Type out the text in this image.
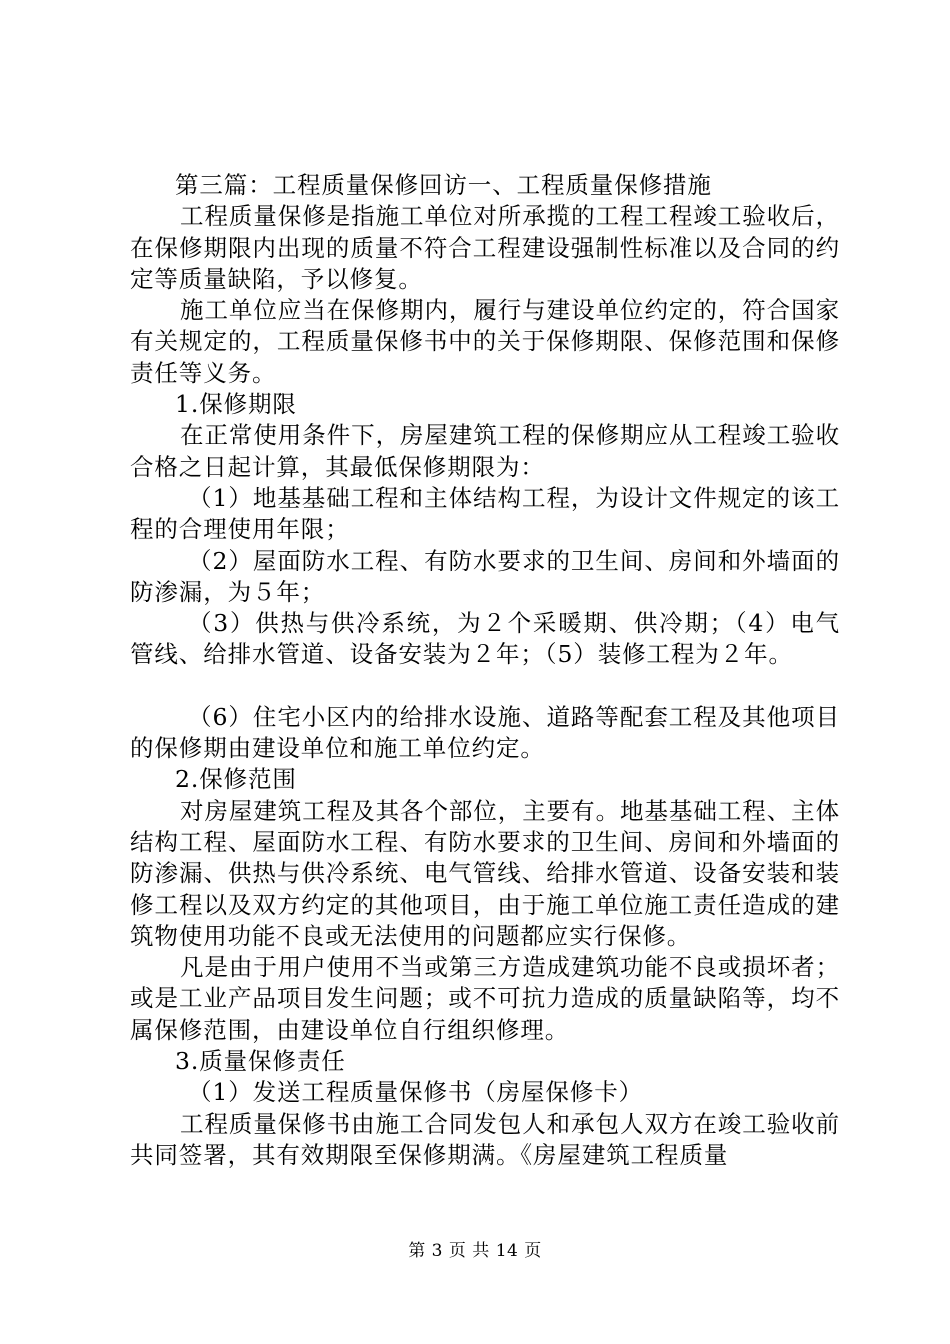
第三篇：工程质量保修回访一、工程质量保修措施

工程质量保修是指施工单位对所承揽的工程工程竣工验收后，在保修期限内出现的质量不符合工程建设强制性标准以及合同的约定等质量缺陷，予以修复。

施工单位应当在保修期内，履行与建设单位约定的，符合国家有关规定的，工程质量保修书中的关于保修期限、保修范围和保修责任等义务。

1.保修期限

在正常使用条件下，房屋建筑工程的保修期应从工程竣工验收合格之日起计算，其最低保修期限为：

（1）地基基础工程和主体结构工程，为设计文件规定的该工程的合理使用年限；

（2）屋面防水工程、有防水要求的卫生间、房间和外墙面的防渗漏，为５年；

（3）供热与供冷系统，为２个采暖期、供冷期；（4）电气管线、给排水管道、设备安装为２年；（5）装修工程为２年。

（6）住宅小区内的给排水设施、道路等配套工程及其他项目的保修期由建设单位和施工单位约定。

2.保修范围

对房屋建筑工程及其各个部位，主要有。地基基础工程、主体结构工程、屋面防水工程、有防水要求的卫生间、房间和外墙面的防渗漏、供热与供冷系统、电气管线、给排水管道、设备安装和装修工程以及双方约定的其他项目，由于施工单位施工责任造成的建筑物使用功能不良或无法使用的问题都应实行保修。

凡是由于用户使用不当或第三方造成建筑功能不良或损坏者；或是工业产品项目发生问题；或不可抗力造成的质量缺陷等，均不属保修范围，由建设单位自行组织修理。

3.质量保修责任

（1）发送工程质量保修书（房屋保修卡）

工程质量保修书由施工合同发包人和承包人双方在竣工验收前共同签署，其有效期限至保修期满。《房屋建筑工程质量

第 3 页 共 14 页
